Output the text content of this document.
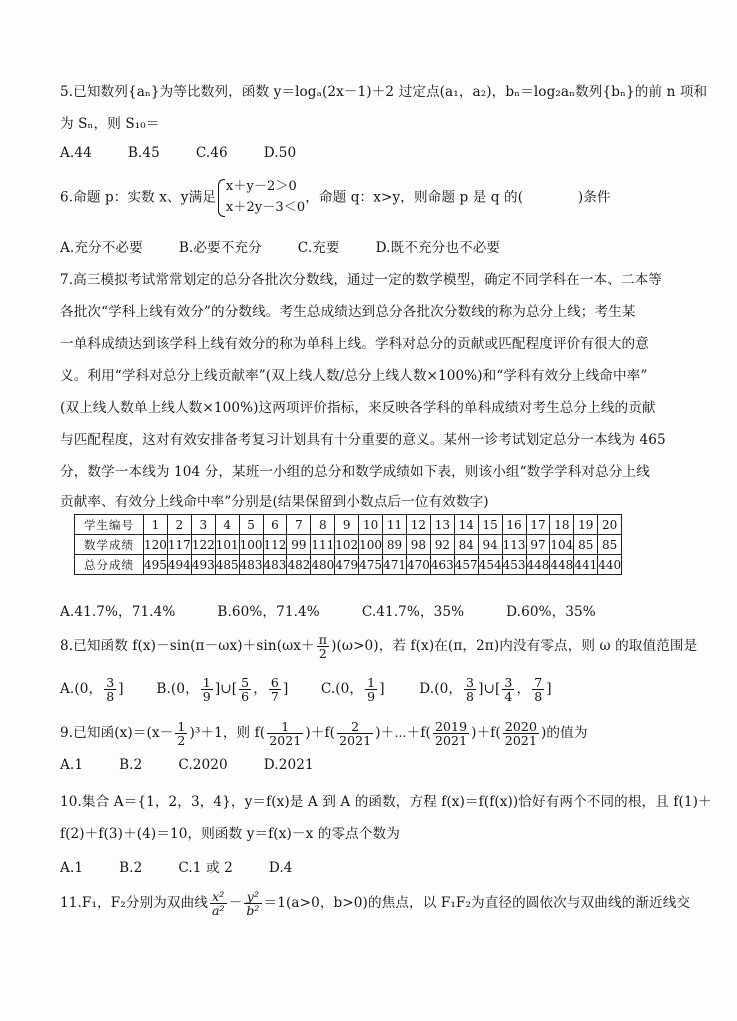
5.已知数列{aₙ}为等比数列，函数 y＝logₐ(2x－1)＋2 过定点(a₁，a₂)，bₙ＝log₂aₙ数列{bₙ}的前 n 项和
为 Sₙ，则 S₁₀＝
A.44	B.45	C.46	D.50
6.命题 p：实数 x、y满足
x＋y－2＞0
x＋2y－3＜0
，命题 q：x>y，则命题 p 是 q 的(　　　　)条件
A.充分不必要	B.必要不充分	C.充要	D.既不充分也不必要
7.高三模拟考试常常划定的总分各批次分数线，通过一定的数学模型，确定不同学科在一本、二本等
各批次“学科上线有效分”的分数线。考生总成绩达到总分各批次分数线的称为总分上线；考生某
一单科成绩达到该学科上线有效分的称为单科上线。学科对总分的贡献或匹配程度评价有很大的意
义。利用“学科对总分上线贡献率”(双上线人数/总分上线人数×100%)和“学科有效分上线命中率”
(双上线人数单上线人数×100%)这两项评价指标，来反映各学科的单科成绩对考生总分上线的贡献
与匹配程度，这对有效安排备考复习计划具有十分重要的意义。某州一诊考试划定总分一本线为 465
分，数学一本线为 104 分，某班一小组的总分和数学成绩如下表，则该小组“数学学科对总分上线
贡献率、有效分上线命中率”分别是(结果保留到小数点后一位有效数字)
学生编号	1	2	3	4	5	6	7	8	9	10	11	12	13	14	15	16	17	18	19	20
数学成绩	120	117	122	101	100	112	99	111	102	100	89	98	92	84	94	113	97	104	85	85
总分成绩	495	494	493	485	483	483	482	480	479	475	471	470	463	457	454	453	448	448	441	440
A.41.7%，71.4%	B.60%，71.4%	C.41.7%，35%	D.60%，35%
8.已知函数 $f(x)-\sin(\pi-\omega x)+\sin(\omega x+ \frac{\pi}{2} )(\omega>0)$，若 f(x)在(π，2π)内没有零点，则 ω 的取值范围是
A.(0， $\frac{3}{8}$ ] B.(0， $\frac{1}{9}$ ]∪[ $\frac{5}{6}$ ， $\frac{6}{7}$ ] C.(0， $\frac{1}{9}$ ]	D.(0， $\frac{3}{8}$ ]∪[ $\frac{3}{4}$ ， $\frac{7}{8}$ ]
9.已知函$(x)=(x- \frac{1}{2} )^3+1$，则 $f( \frac{1}{2021} )+f( \frac{2}{2021}$ )＋⋯＋f( $\frac{2019}{2021} )+f( \frac{2020}{2021}$ )的值为
A.1	B.2	C.2020	D.2021
10.集合 A＝{1，2，3，4}，y＝f(x)是 A 到 A 的函数，方程 f(x)＝f(f(x))恰好有两个不同的根，且 f(1)＋
f(2)＋f(3)＋(4)＝10，则函数 y＝f(x)－x 的零点个数为
A.1	B.2	C.1 或 2	D.4
11.F₁，F₂分别为双曲线 $\frac{\text{x²}}{\text{a²}} - \frac{\text{y²}}{\text{b²}} =1(a>0$，b>0)的焦点，以 F₁F₂为直径的圆依次与双曲线的渐近线交
